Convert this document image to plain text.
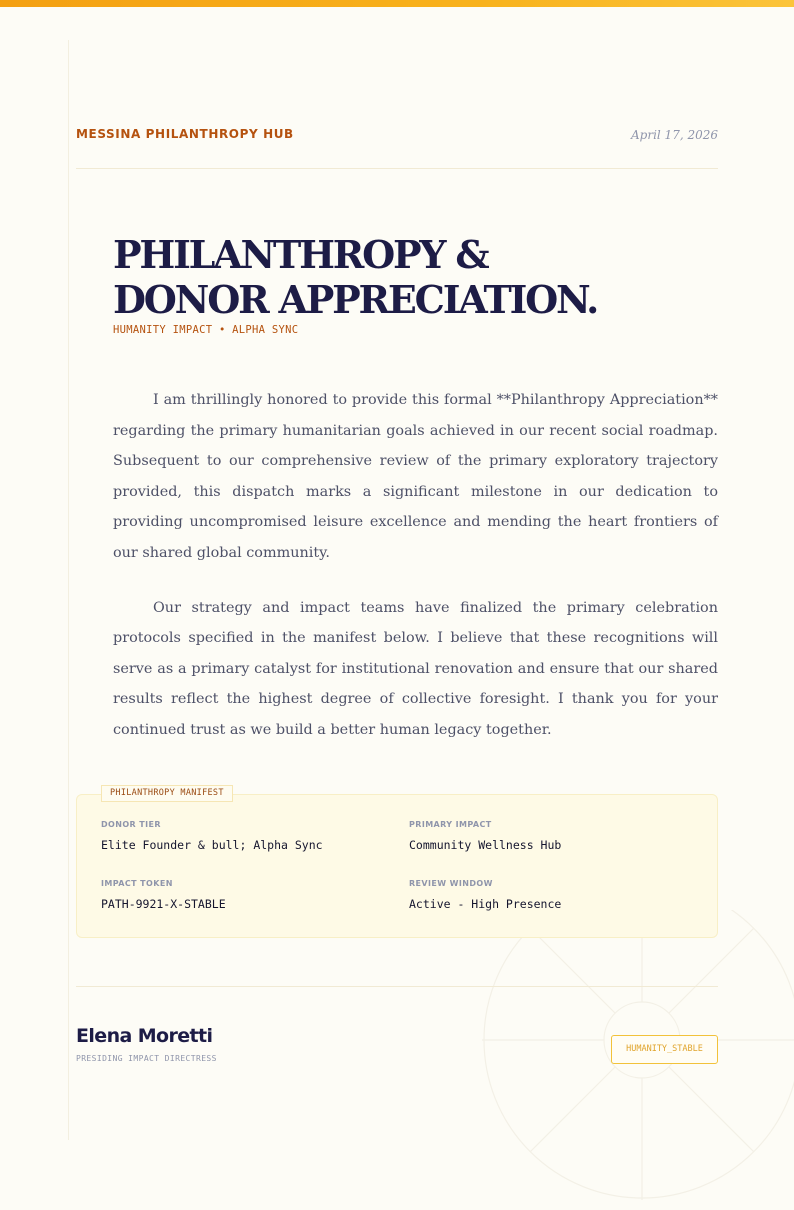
MESSINA PHILANTHROPY HUB	April 17, 2026
PHILANTHROPY &
DONOR APPRECIATION.
HUMANITY IMPACT • ALPHA SYNC

I am thrillingly honored to provide this formal **Philanthropy Appreciation** regarding the primary humanitarian goals achieved in our recent social roadmap. Subsequent to our comprehensive review of the primary exploratory trajectory provided, this dispatch marks a significant milestone in our dedication to providing uncompromised leisure excellence and mending the heart frontiers of our shared global community.

Our strategy and impact teams have finalized the primary celebration protocols specified in the manifest below. I believe that these recognitions will serve as a primary catalyst for institutional renovation and ensure that our shared results reflect the highest degree of collective foresight. I thank you for your continued trust as we build a better human legacy together.

DONOR TIER
Elite Founder & bull; Alpha Sync
PRIMARY IMPACT
Community Wellness Hub
IMPACT TOKEN
PATH-9921-X-STABLE
REVIEW WINDOW
Active - High Presence
PHILANTHROPY MANIFEST
Elena Moretti
PRESIDING IMPACT DIRECTRESS
HUMANITY_STABLE
